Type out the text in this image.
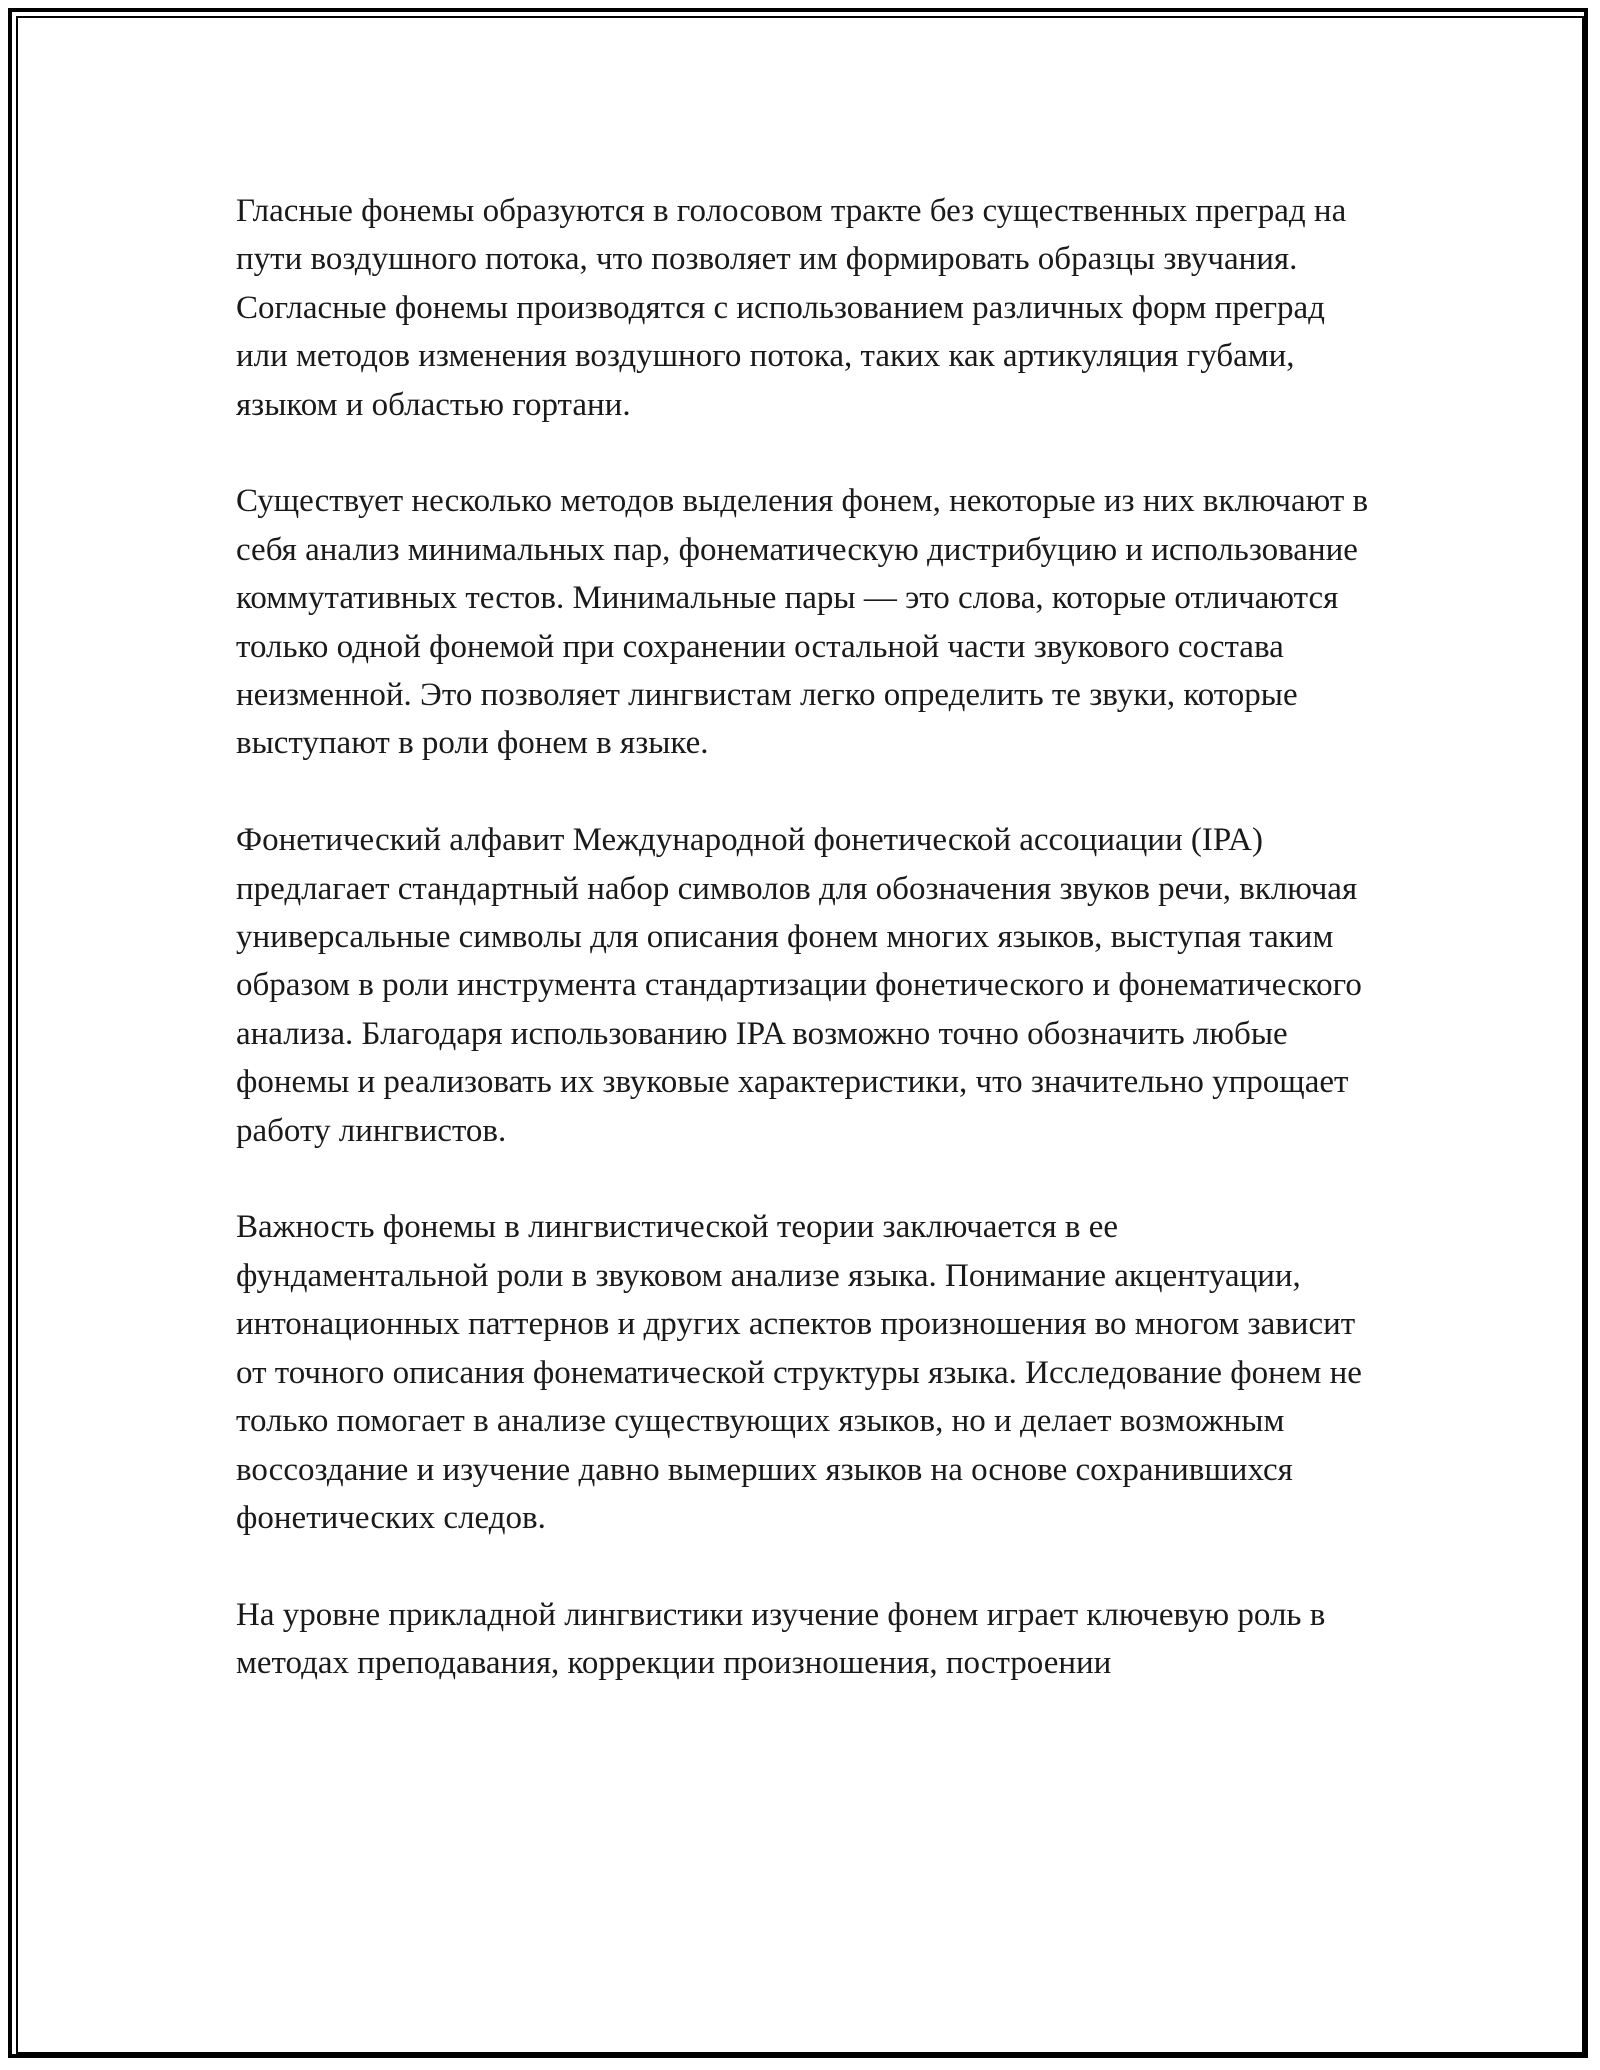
Гласные фонемы образуются в голосовом тракте без существенных преград на пути воздушного потока, что позволяет им формировать образцы звучания. Согласные фонемы производятся с использованием различных форм преград или методов изменения воздушного потока, таких как артикуляция губами, языком и областью гортани.

Существует несколько методов выделения фонем, некоторые из них включают в себя анализ минимальных пар, фонематическую дистрибуцию и использование коммутативных тестов. Минимальные пары — это слова, которые отличаются только одной фонемой при сохранении остальной части звукового состава неизменной. Это позволяет лингвистам легко определить те звуки, которые выступают в роли фонем в языке.

Фонетический алфавит Международной фонетической ассоциации (IPA) предлагает стандартный набор символов для обозначения звуков речи, включая универсальные символы для описания фонем многих языков, выступая таким образом в роли инструмента стандартизации фонетического и фонематического анализа. Благодаря использованию IPA возможно точно обозначить любые фонемы и реализовать их звуковые характеристики, что значительно упрощает работу лингвистов.

Важность фонемы в лингвистической теории заключается в ее фундаментальной роли в звуковом анализе языка. Понимание акцентуации, интонационных паттернов и других аспектов произношения во многом зависит от точного описания фонематической структуры языка. Исследование фонем не только помогает в анализе существующих языков, но и делает возможным воссоздание и изучение давно вымерших языков на основе сохранившихся фонетических следов.

На уровне прикладной лингвистики изучение фонем играет ключевую роль в методах преподавания, коррекции произношения, построении
